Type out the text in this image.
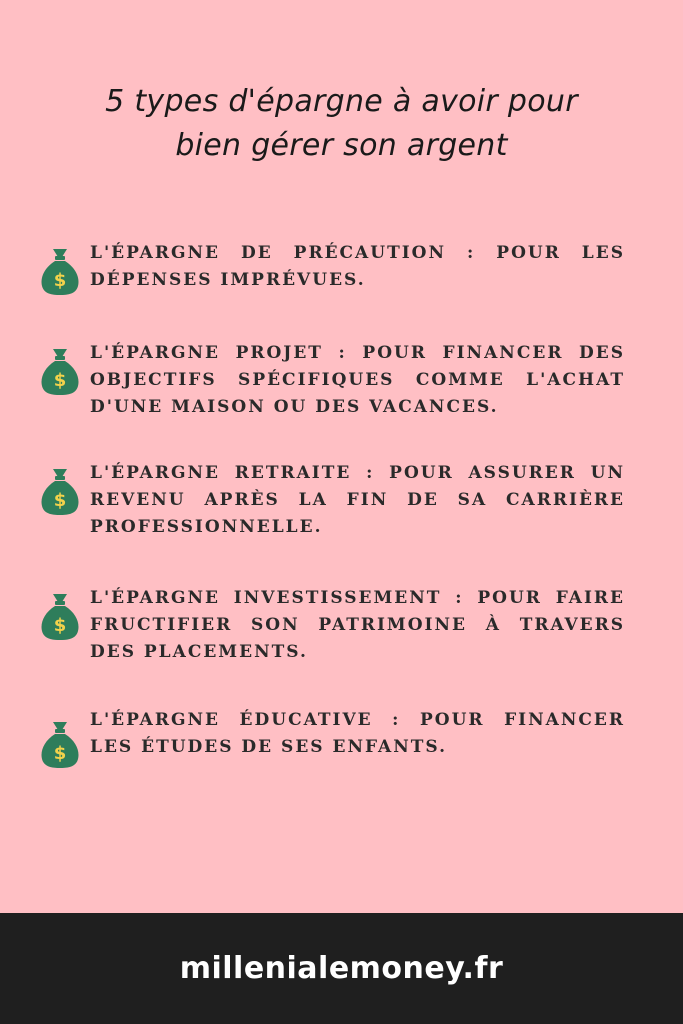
5 types d'épargne à avoir pour
bien gérer son argent
$
L'ÉPARGNE DE PRÉCAUTION : POUR LES DÉPENSES IMPRÉVUES.
$
L'ÉPARGNE PROJET : POUR FINANCER DES OBJECTIFS SPÉCIFIQUES COMME L'ACHAT D'UNE MAISON OU DES VACANCES.
$
L'ÉPARGNE RETRAITE : POUR ASSURER UN REVENU APRÈS LA FIN DE SA CARRIÈRE PROFESSIONNELLE.
$
L'ÉPARGNE INVESTISSEMENT : POUR FAIRE FRUCTIFIER SON PATRIMOINE À TRAVERS DES PLACEMENTS.
$
L'ÉPARGNE ÉDUCATIVE : POUR FINANCER LES ÉTUDES DE SES ENFANTS.
millenialemoney.fr
